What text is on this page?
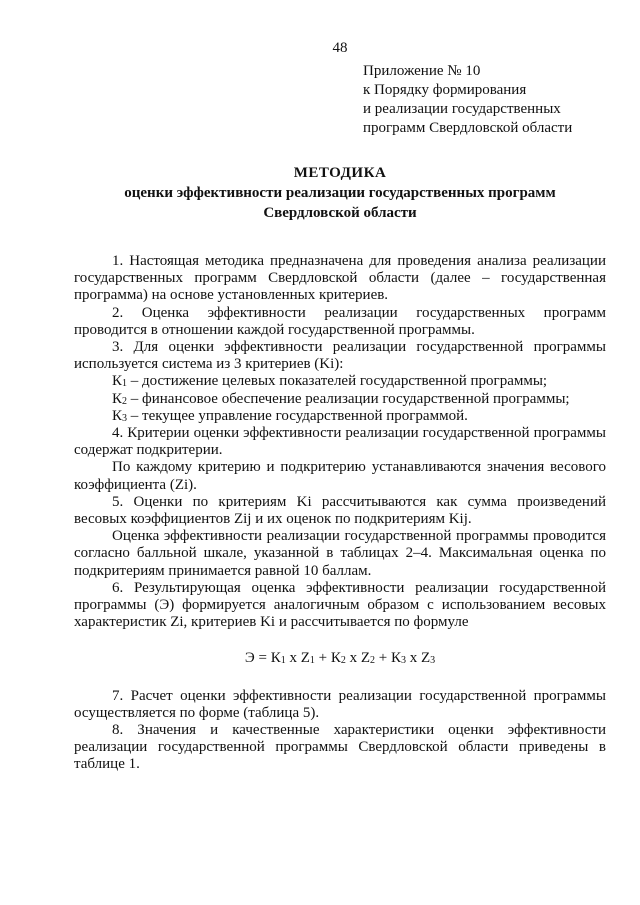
48
Приложение № 10
к Порядку формирования
и реализации государственных
программ Свердловской области
МЕТОДИКА
оценки эффективности реализации государственных программ
Свердловской области

1. Настоящая методика предназначена для проведения анализа реализации государственных программ Свердловской области (далее – государственная программа) на основе установленных критериев.

2. Оценка эффективности реализации государственных программ проводится в отношении каждой государственной программы.

3. Для оценки эффективности реализации государственной программы используется система из 3 критериев (Ki):

$К_1$ – достижение целевых показателей государственной программы;

$К_2$ – финансовое обеспечение реализации государственной программы;

$К_3$ – текущее управление государственной программой.

4. Критерии оценки эффективности реализации государственной программы содержат подкритерии.

По каждому критерию и подкритерию устанавливаются значения весового коэффициента (Zi).

5. Оценки по критериям Ki рассчитываются как сумма произведений весовых коэффициентов Zij и их оценок по подкритериям Kij.

Оценка эффективности реализации государственной программы проводится согласно балльной шкале, указанной в таблицах 2–4. Максимальная оценка по подкритериям принимается равной 10 баллам.

6. Результирующая оценка эффективности реализации государственной программы (Э) формируется аналогичным образом с использованием весовых характеристик Zi, критериев Ki и рассчитывается по формуле

$Э = К_1$ x $Z_1 + К_2$ x $Z_2 + К_3$ x $Z_3$

7. Расчет оценки эффективности реализации государственной программы осуществляется по форме (таблица 5).

8. Значения и качественные характеристики оценки эффективности реализации государственной программы Свердловской области приведены в таблице 1.
